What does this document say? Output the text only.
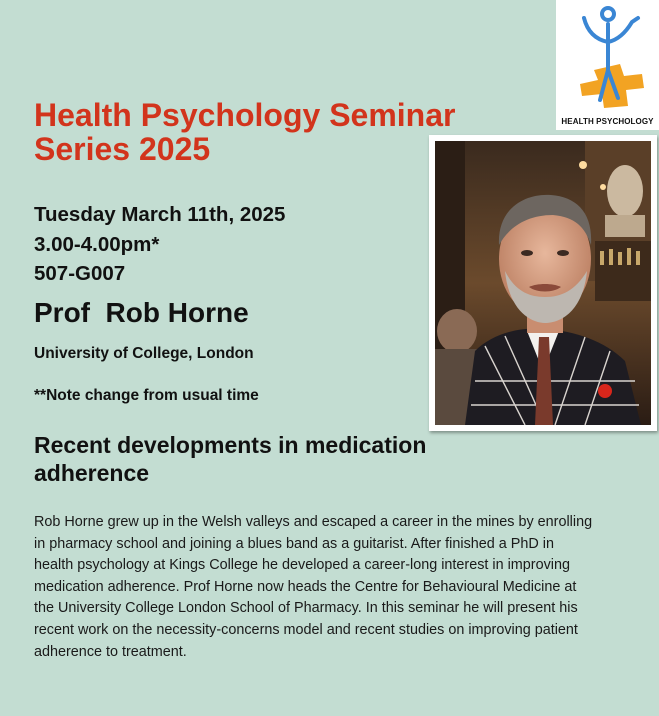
HEALTH PSYCHOLOGY
Health Psychology Seminar Series 2025
Tuesday March 11th, 2025
3.00-4.00pm*
507-G007
Prof  Rob Horne
University of College, London
**Note change from usual time
Recent developments in medication adherence
Rob Horne grew up in the Welsh valleys and escaped a career in the mines by enrolling in pharmacy school and joining a blues band as a guitarist. After finished a PhD in health psychology at Kings College he developed a career-long interest in improving medication adherence. Prof Horne now heads the Centre for Behavioural Medicine at the University College London School of Pharmacy. In this seminar he will present his recent work on the necessity-concerns model and recent studies on improving patient adherence to treatment.
